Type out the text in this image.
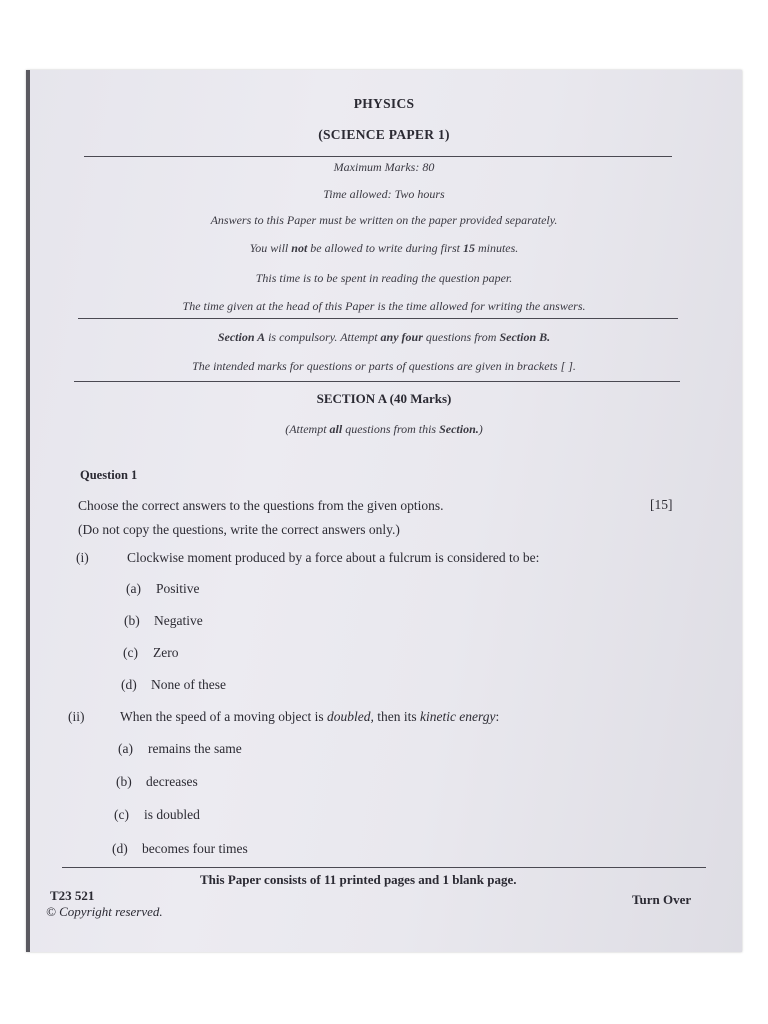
PHYSICS
(SCIENCE PAPER 1)
Maximum Marks: 80
Time allowed: Two hours
Answers to this Paper must be written on the paper provided separately.
You will not be allowed to write during first 15 minutes.
This time is to be spent in reading the question paper.
The time given at the head of this Paper is the time allowed for writing the answers.
Section A is compulsory. Attempt any four questions from Section B.
The intended marks for questions or parts of questions are given in brackets [ ].
SECTION A (40 Marks)
(Attempt all questions from this Section.)
Question 1
Choose the correct answers to the questions from the given options.	[15]
(Do not copy the questions, write the correct answers only.)
(i)	Clockwise moment produced by a force about a fulcrum is considered to be:
(a) Positive
(b) Negative
(c) Zero
(d) None of these
(ii)	When the speed of a moving object is doubled, then its kinetic energy:
(a) remains the same
(b) decreases
(c) is doubled
(d) becomes four times
This Paper consists of 11 printed pages and 1 blank page.
T23 521
© Copyright reserved.
Turn Over
